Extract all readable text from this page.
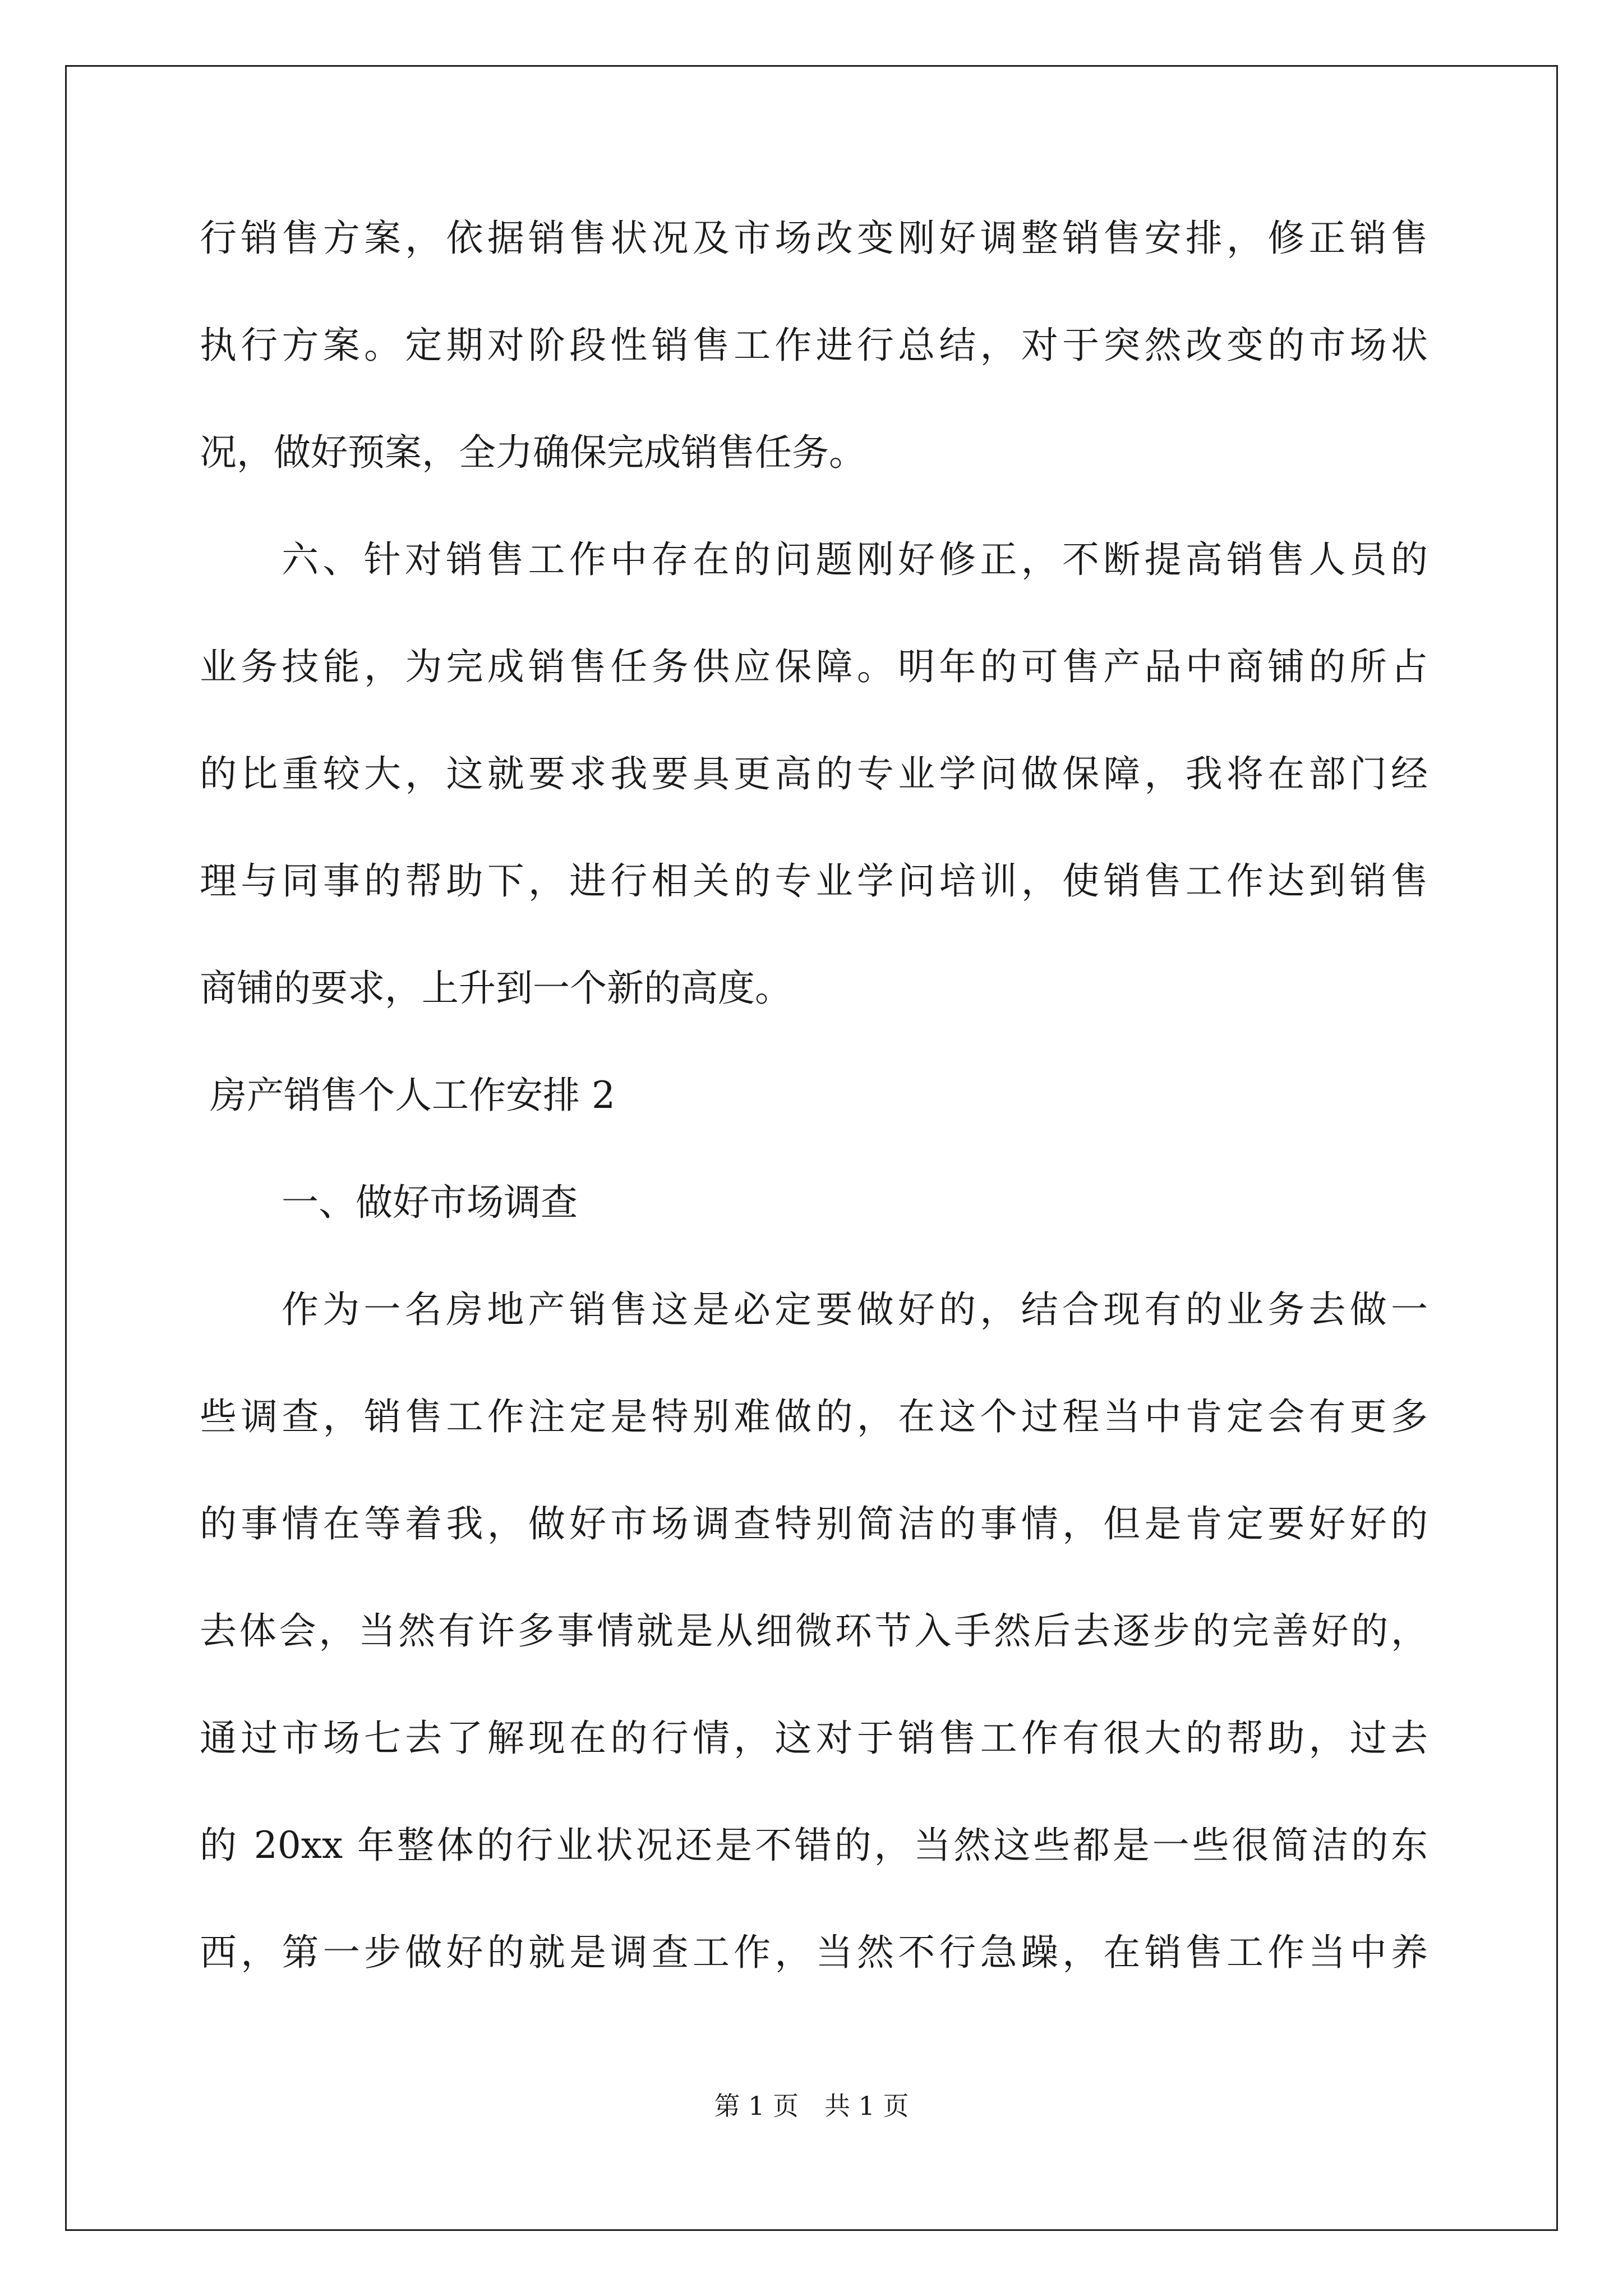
行销售方案，依据销售状况及市场改变刚好调整销售安排，修正销售
执行方案。定期对阶段性销售工作进行总结，对于突然改变的市场状
况，做好预案，全力确保完成销售任务。
六、针对销售工作中存在的问题刚好修正，不断提高销售人员的
业务技能，为完成销售任务供应保障。明年的可售产品中商铺的所占
的比重较大，这就要求我要具更高的专业学问做保障，我将在部门经
理与同事的帮助下，进行相关的专业学问培训，使销售工作达到销售
商铺的要求，上升到一个新的高度。
房产销售个人工作安排 2
一、做好市场调查
作为一名房地产销售这是必定要做好的，结合现有的业务去做一
些调查，销售工作注定是特别难做的，在这个过程当中肯定会有更多
的事情在等着我，做好市场调查特别简洁的事情，但是肯定要好好的
去体会，当然有许多事情就是从细微环节入手然后去逐步的完善好的，
通过市场七去了解现在的行情，这对于销售工作有很大的帮助，过去
的 20xx 年整体的行业状况还是不错的，当然这些都是一些很简洁的东
西，第一步做好的就是调查工作，当然不行急躁，在销售工作当中养
第 1 页 共 1 页
